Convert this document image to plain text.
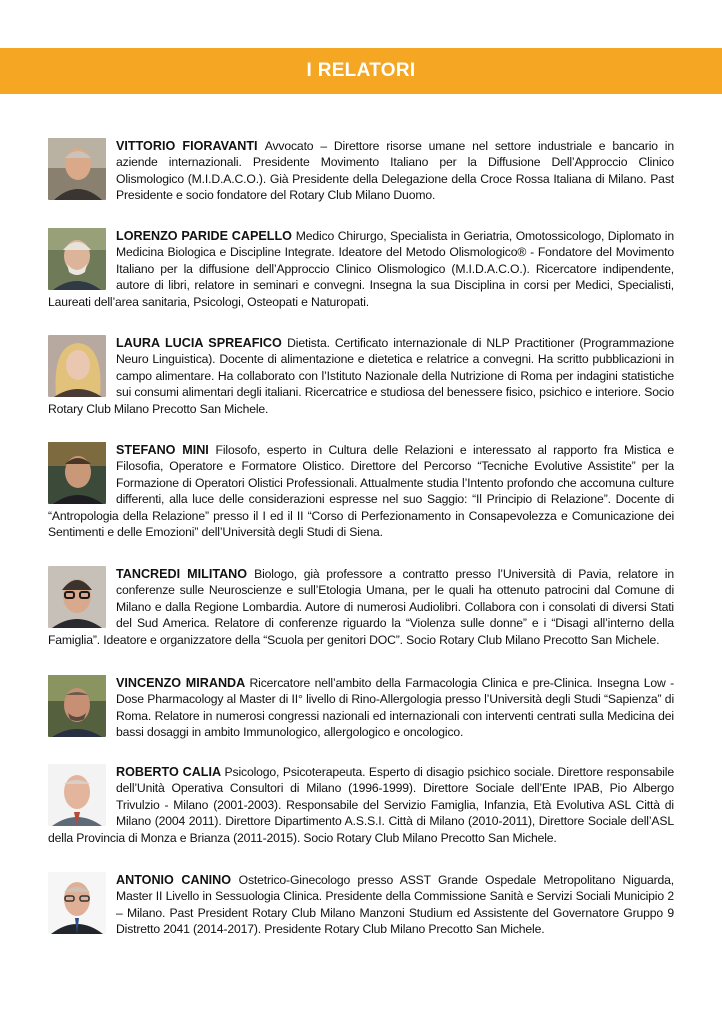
I RELATORI
VITTORIO FIORAVANTI Avvocato – Direttore risorse umane nel settore industriale e bancario in aziende internazionali. Presidente Movimento Italiano per la Diffusione Dell’Approccio Clinico Olismologico (M.I.D.A.C.O.). Già Presidente della Delegazione della Croce Rossa Italiana di Milano. Past Presidente e socio fondatore del Rotary Club Milano Duomo.
LORENZO PARIDE CAPELLO Medico Chirurgo, Specialista in Geriatria, Omotossicologo, Diplomato in Medicina Biologica e Discipline Integrate. Ideatore del Metodo Olismologico® - Fondatore del Movimento Italiano per la diffusione dell’Approccio Clinico Olismologico (M.I.D.A.C.O.). Ricercatore indipendente, autore di libri, relatore in seminari e convegni. Insegna la sua Disciplina in corsi per Medici, Specialisti, Laureati dell’area sanitaria, Psicologi, Osteopati e Naturopati.
LAURA LUCIA SPREAFICO Dietista. Certificato internazionale di NLP Practitioner (Programmazione Neuro Linguistica). Docente di alimentazione e dietetica e relatrice a convegni. Ha scritto pubblicazioni in campo alimentare. Ha collaborato con l’Istituto Nazionale della Nutrizione di Roma per indagini statistiche sui consumi alimentari degli italiani. Ricercatrice e studiosa del benessere fisico, psichico e interiore. Socio Rotary Club Milano Precotto San Michele.
STEFANO MINI Filosofo, esperto in Cultura delle Relazioni e interessato al rapporto fra Mistica e Filosofia, Operatore e Formatore Olistico. Direttore del Percorso “Tecniche Evolutive Assistite” per la Formazione di Operatori Olistici Professionali. Attualmente studia l’Intento profondo che accomuna culture differenti, alla luce delle considerazioni espresse nel suo Saggio: “Il Principio di Relazione”. Docente di “Antropologia della Relazione” presso il I ed il II “Corso di Perfezionamento in Consapevolezza e Comunicazione dei Sentimenti e delle Emozioni” dell’Università degli Studi di Siena.
TANCREDI MILITANO Biologo, già professore a contratto presso l’Università di Pavia, relatore in conferenze sulle Neuroscienze e sull’Etologia Umana, per le quali ha ottenuto patrocini dal Comune di Milano e dalla Regione Lombardia. Autore di numerosi Audiolibri. Collabora con i consolati di diversi Stati del Sud America. Relatore di conferenze riguardo la “Violenza sulle donne” e i “Disagi all’interno della Famiglia”. Ideatore e organizzatore della “Scuola per genitori DOC”. Socio Rotary Club Milano Precotto San Michele.
VINCENZO MIRANDA Ricercatore nell’ambito della Farmacologia Clinica e pre-Clinica. Insegna Low - Dose Pharmacology al Master di II° livello di Rino-Allergologia presso l’Università degli Studi “Sapienza” di Roma. Relatore in numerosi congressi nazionali ed internazionali con interventi centrati sulla Medicina dei bassi dosaggi in ambito Immunologico, allergologico e oncologico.
ROBERTO CALIA Psicologo, Psicoterapeuta. Esperto di disagio psichico sociale. Direttore responsabile dell’Unità Operativa Consultori di Milano (1996-1999). Direttore Sociale dell’Ente IPAB, Pio Albergo Trivulzio - Milano (2001-2003). Responsabile del Servizio Famiglia, Infanzia, Età Evolutiva ASL Città di Milano (2004 2011). Direttore Dipartimento A.S.S.I. Città di Milano (2010-2011), Direttore Sociale dell’ASL della Provincia di Monza e Brianza (2011-2015). Socio Rotary Club Milano Precotto San Michele.
ANTONIO CANINO Ostetrico-Ginecologo presso ASST Grande Ospedale Metropolitano Niguarda, Master II Livello in Sessuologia Clinica. Presidente della Commissione Sanità e Servizi Sociali Municipio 2 – Milano. Past President Rotary Club Milano Manzoni Studium ed Assistente del Governatore Gruppo 9 Distretto 2041 (2014-2017). Presidente Rotary Club Milano Precotto San Michele.
